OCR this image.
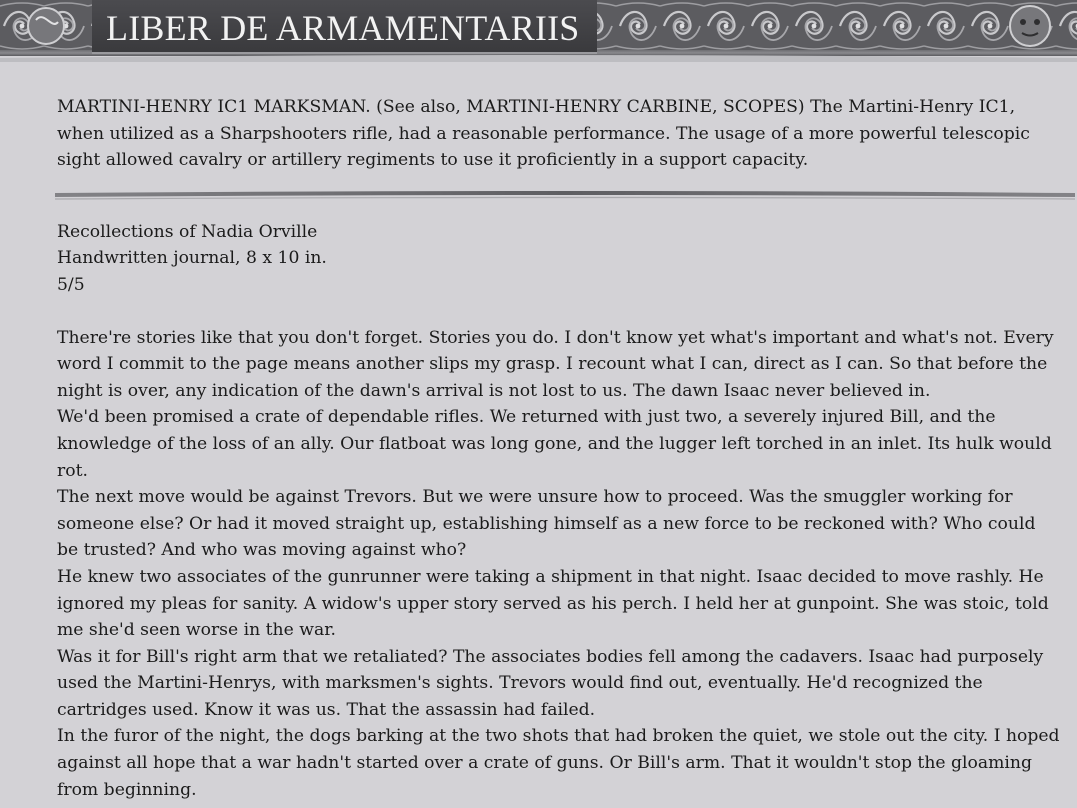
LIBER DE ARMAMENTARIIS

MARTINI-HENRY IC1 MARKSMAN. (See also, MARTINI-HENRY CARBINE, SCOPES) The Martini-Henry IC1, when utilized as a Sharpshooters rifle, had a reasonable performance. The usage of a more powerful telescopic sight allowed cavalry or artillery regiments to use it proficiently in a support capacity.

Recollections of Nadia Orville
Handwritten journal, 8 x 10 in.
5/5

There're stories like that you don't forget. Stories you do. I don't know yet what's important and what's not. Every word I commit to the page means another slips my grasp. I recount what I can, direct as I can. So that before the night is over, any indication of the dawn's arrival is not lost to us. The dawn Isaac never believed in.

We'd been promised a crate of dependable rifles. We returned with just two, a severely injured Bill, and the knowledge of the loss of an ally. Our flatboat was long gone, and the lugger left torched in an inlet. Its hulk would rot.

The next move would be against Trevors. But we were unsure how to proceed. Was the smuggler working for someone else? Or had it moved straight up, establishing himself as a new force to be reckoned with? Who could be trusted? And who was moving against who?

He knew two associates of the gunrunner were taking a shipment in that night. Isaac decided to move rashly. He ignored my pleas for sanity. A widow's upper story served as his perch. I held her at gunpoint. She was stoic, told me she'd seen worse in the war.

Was it for Bill's right arm that we retaliated? The associates bodies fell among the cadavers. Isaac had purposely used the Martini-Henrys, with marksmen's sights. Trevors would find out, eventually. He'd recognized the cartridges used. Know it was us. That the assassin had failed.

In the furor of the night, the dogs barking at the two shots that had broken the quiet, we stole out the city. I hoped against all hope that a war hadn't started over a crate of guns. Or Bill's arm. That it wouldn't stop the gloaming from beginning.
